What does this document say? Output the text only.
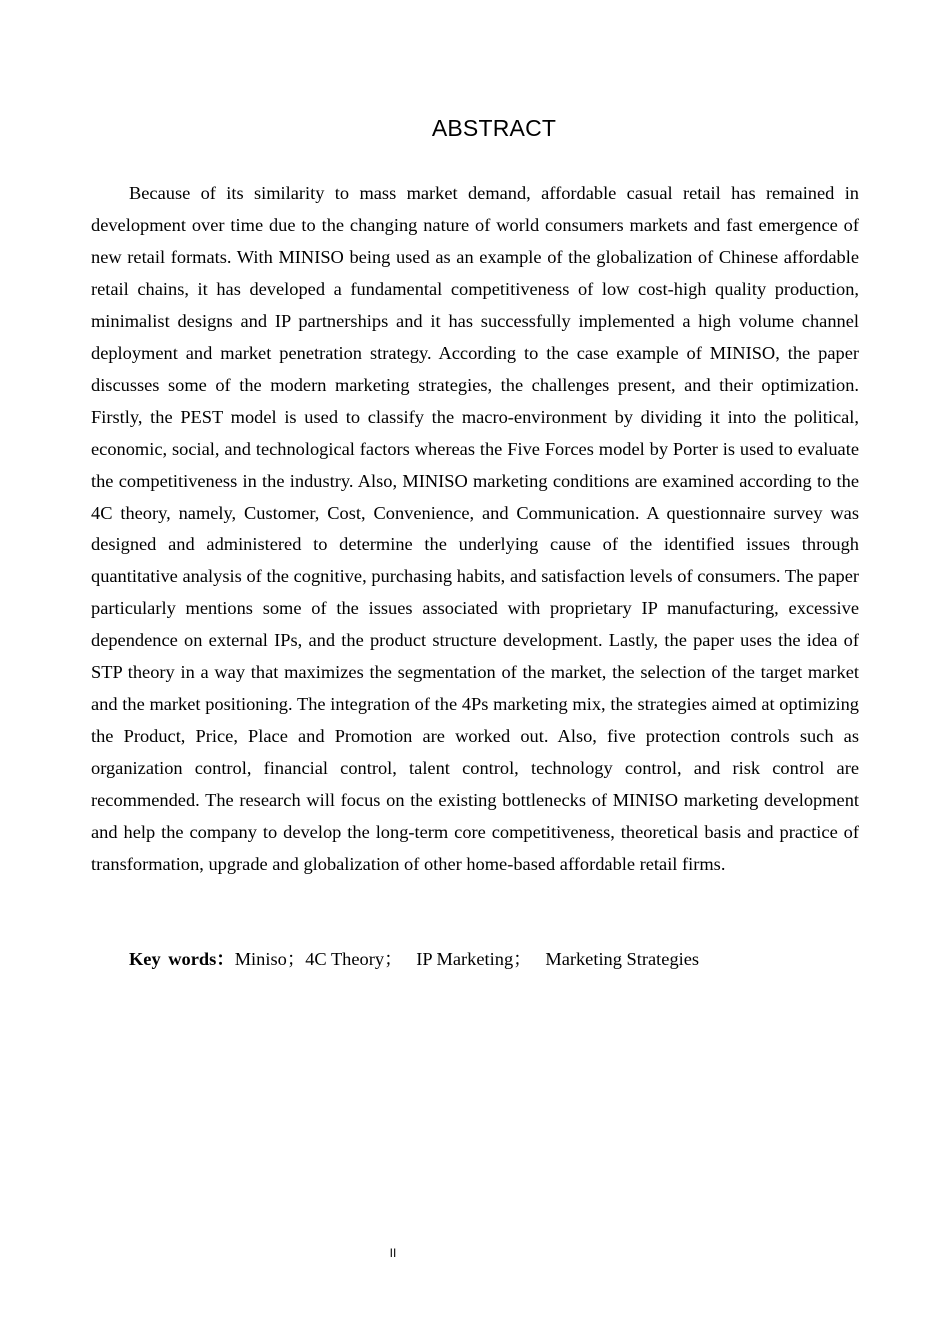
ABSTRACT

Because of its similarity to mass market demand, affordable casual retail has remained in development over time due to the changing nature of world consumers markets and fast emergence of new retail formats. With MINISO being used as an example of the globalization of Chinese affordable retail chains, it has developed a fundamental competitiveness of low cost-high quality production, minimalist designs and IP partnerships and it has successfully implemented a high volume channel deployment and market penetration strategy. According to the case example of MINISO, the paper discusses some of the modern marketing strategies, the challenges present, and their optimization. Firstly, the PEST model is used to classify the macro-environment by dividing it into the political, economic, social, and technological factors whereas the Five Forces model by Porter is used to evaluate the competitiveness in the industry. Also, MINISO marketing conditions are examined according to the 4C theory, namely, Customer, Cost, Convenience, and Communication. A questionnaire survey was designed and administered to determine the underlying cause of the identified issues through quantitative analysis of the cognitive, purchasing habits, and satisfaction levels of consumers. The paper particularly mentions some of the issues associated with proprietary IP manufacturing, excessive dependence on external IPs, and the product structure development. Lastly, the paper uses the idea of STP theory in a way that maximizes the segmentation of the market, the selection of the target market and the market positioning. The integration of the 4Ps marketing mix, the strategies aimed at optimizing the Product, Price, Place and Promotion are worked out. Also, five protection controls such as organization control, financial control, talent control, technology control, and risk control are recommended. The research will focus on the existing bottlenecks of MINISO marketing development and help the company to develop the long-term core competitiveness, theoretical basis and practice of transformation, upgrade and globalization of other home-based affordable retail firms.

Key words：Miniso；4C Theory； IP Marketing； Marketing Strategies

II
